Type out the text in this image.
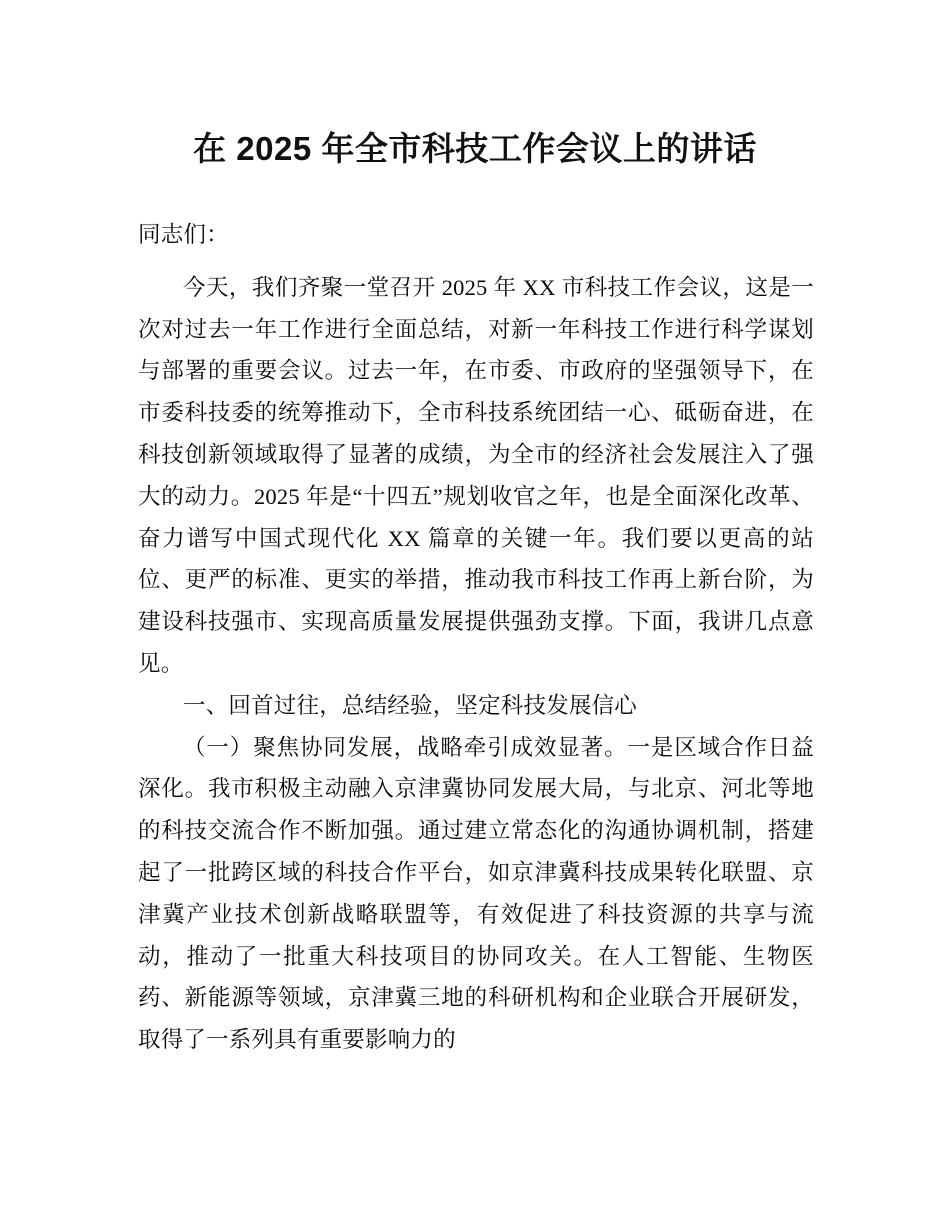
在 2025 年全市科技工作会议上的讲话

同志们：

今天，我们齐聚一堂召开 2025 年 XX 市科技工作会议，这是一次对过去一年工作进行全面总结，对新一年科技工作进行科学谋划与部署的重要会议。过去一年，在市委、市政府的坚强领导下，在市委科技委的统筹推动下，全市科技系统团结一心、砥砺奋进，在科技创新领域取得了显著的成绩，为全市的经济社会发展注入了强大的动力。2025 年是“十四五”规划收官之年，也是全面深化改革、奋力谱写中国式现代化 XX 篇章的关键一年。我们要以更高的站位、更严的标准、更实的举措，推动我市科技工作再上新台阶，为建设科技强市、实现高质量发展提供强劲支撑。下面，我讲几点意见。

一、回首过往，总结经验，坚定科技发展信心

（一）聚焦协同发展，战略牵引成效显著。一是区域合作日益深化。我市积极主动融入京津冀协同发展大局，与北京、河北等地的科技交流合作不断加强。通过建立常态化的沟通协调机制，搭建起了一批跨区域的科技合作平台，如京津冀科技成果转化联盟、京津冀产业技术创新战略联盟等，有效促进了科技资源的共享与流动，推动了一批重大科技项目的协同攻关。在人工智能、生物医药、新能源等领域，京津冀三地的科研机构和企业联合开展研发，取得了一系列具有重要影响力的
